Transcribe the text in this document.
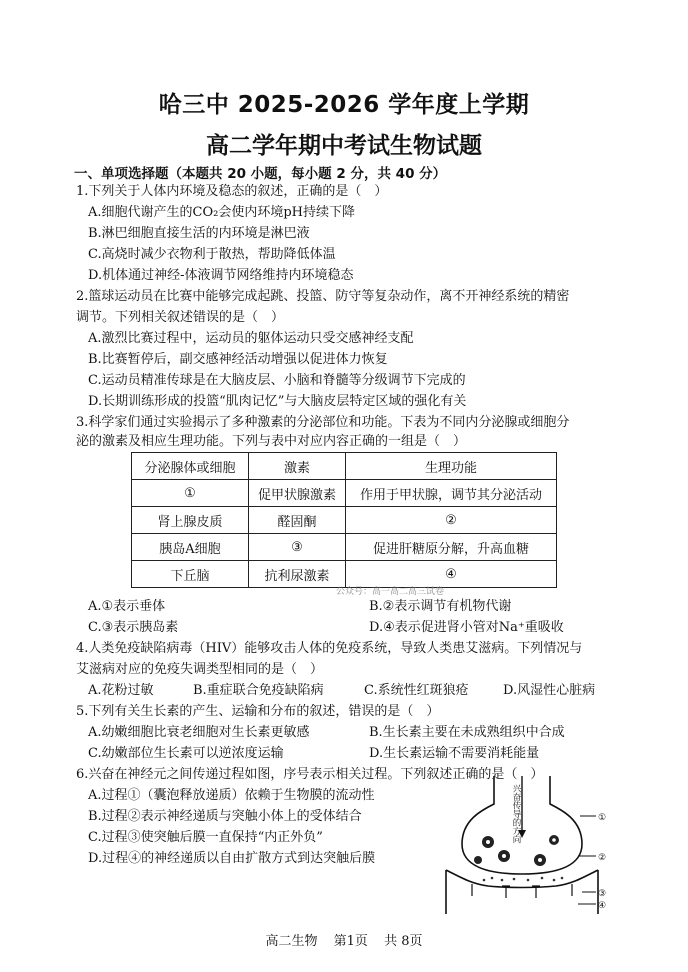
哈三中 2025-2026 学年度上学期
高二学年期中考试生物试题
一、单项选择题（本题共 20 小题，每小题 2 分，共 40 分）
1.下列关于人体内环境及稳态的叙述，正确的是（　）
A.细胞代谢产生的CO₂会使内环境pH持续下降
B.淋巴细胞直接生活的内环境是淋巴液
C.高烧时减少衣物利于散热，帮助降低体温
D.机体通过神经-体液调节网络维持内环境稳态
2.篮球运动员在比赛中能够完成起跳、投篮、防守等复杂动作，离不开神经系统的精密
调节。下列相关叙述错误的是（　）
A.激烈比赛过程中，运动员的躯体运动只受交感神经支配
B.比赛暂停后，副交感神经活动增强以促进体力恢复
C.运动员精准传球是在大脑皮层、小脑和脊髓等分级调节下完成的
D.长期训练形成的投篮“肌肉记忆”与大脑皮层特定区域的强化有关
3.科学家们通过实验揭示了多种激素的分泌部位和功能。下表为不同内分泌腺或细胞分
泌的激素及相应生理功能。下列与表中对应内容正确的一组是（　）
分泌腺体或细胞	激素	生理功能
①	促甲状腺激素	作用于甲状腺，调节其分泌活动
肾上腺皮质	醛固酮	②
胰岛A细胞	③	促进肝糖原分解，升高血糖
下丘脑	抗利尿激素	④
公众号：高一高二高三试卷
A.①表示垂体	B.②表示调节有机物代谢
C.③表示胰岛素	D.④表示促进肾小管对Na⁺重吸收
4.人类免疫缺陷病毒（HIV）能够攻击人体的免疫系统，导致人类患艾滋病。下列情况与
艾滋病对应的免疫失调类型相同的是（　）
A.花粉过敏	B.重症联合免疫缺陷病	C.系统性红斑狼疮	D.风湿性心脏病
5.下列有关生长素的产生、运输和分布的叙述，错误的是（　）
A.幼嫩细胞比衰老细胞对生长素更敏感	B.生长素主要在未成熟组织中合成
C.幼嫩部位生长素可以逆浓度运输	D.生长素运输不需要消耗能量
6.兴奋在神经元之间传递过程如图，序号表示相关过程。下列叙述正确的是（　）
A.过程①（囊泡释放递质）依赖于生物膜的流动性
B.过程②表示神经递质与突触小体上的受体结合
C.过程③使突触后膜一直保持“内正外负”
D.过程④的神经递质以自由扩散方式到达突触后膜
兴奋传导的方向	①
②
③
④
高二生物 第1页 共 8页
